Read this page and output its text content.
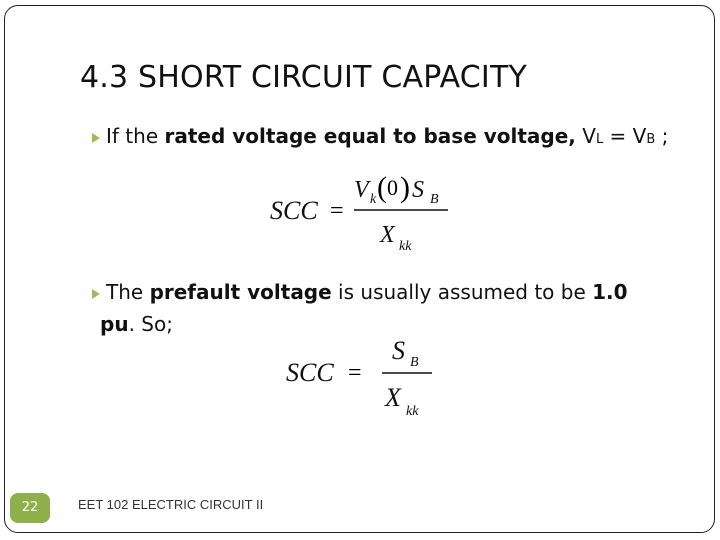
4.3 SHORT CIRCUIT CAPACITY
If the rated voltage equal to base voltage, VL = VB ;
SCC =
V k ( 0 ) S B
X kk
The prefault voltage is usually assumed to be 1.0
pu. So;
SCC =
S B
X kk
22	EET 102 ELECTRIC CIRCUIT II
